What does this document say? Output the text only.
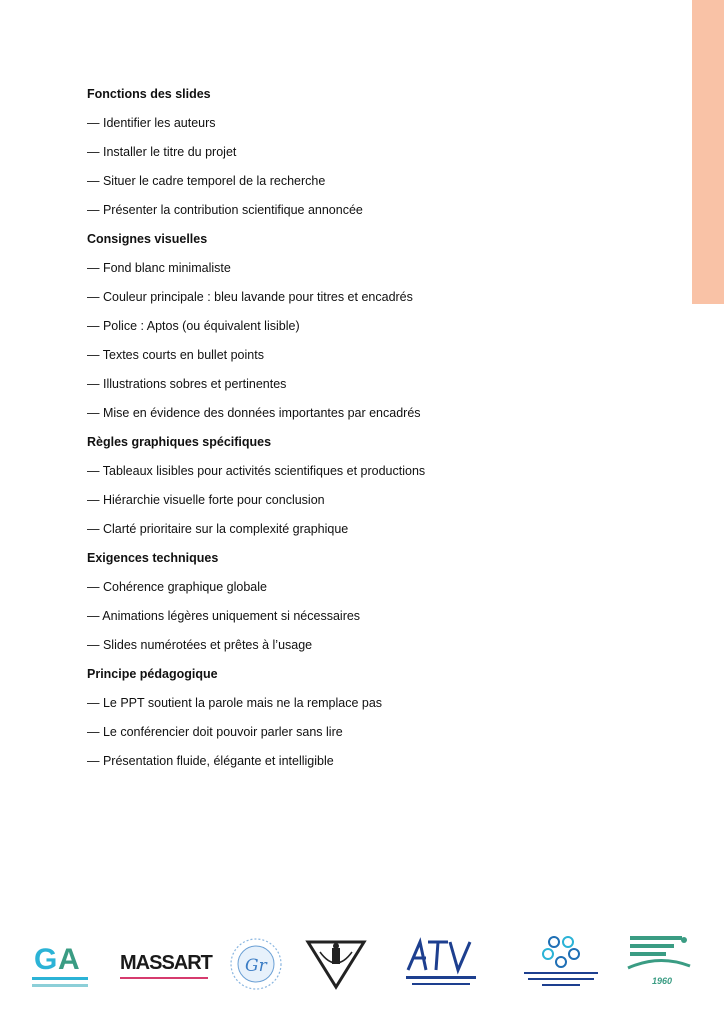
Fonctions des slides
— Identifier les auteurs
— Installer le titre du projet
— Situer le cadre temporel de la recherche
— Présenter la contribution scientifique annoncée
Consignes visuelles
— Fond blanc minimaliste
— Couleur principale : bleu lavande pour titres et encadrés
— Police : Aptos (ou équivalent lisible)
— Textes courts en bullet points
— Illustrations sobres et pertinentes
— Mise en évidence des données importantes par encadrés
Règles graphiques spécifiques
— Tableaux lisibles pour activités scientifiques et productions
— Hiérarchie visuelle forte pour conclusion
— Clarté prioritaire sur la complexité graphique
Exigences techniques
— Cohérence graphique globale
— Animations légères uniquement si nécessaires
— Slides numérotées et prêtes à l’usage
Principe pédagogique
— Le PPT soutient la parole mais ne la remplace pas
— Le conférencier doit pouvoir parler sans lire
— Présentation fluide, élégante et intelligible
G A MASSART Gr
1960
